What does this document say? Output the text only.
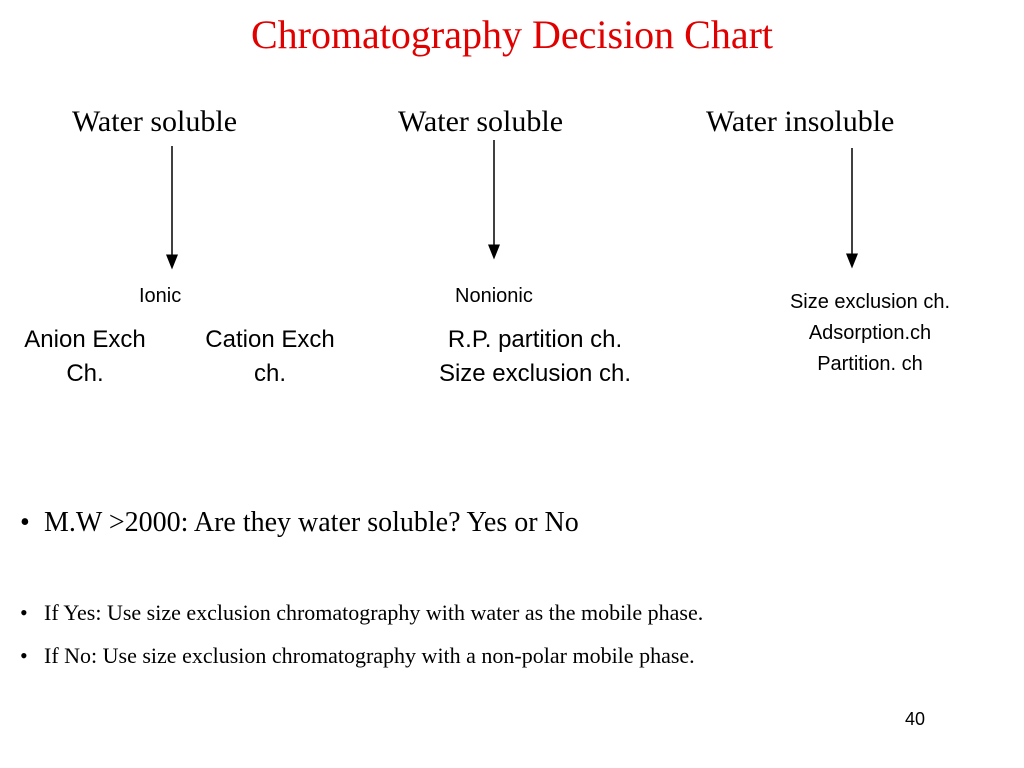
Chromatography Decision Chart
Water soluble	Water soluble	Water insoluble
Ionic	Nonionic
Anion Exch
Ch.
Cation Exch
ch.
R.P. partition ch.
Size exclusion ch.
Size exclusion ch.
Adsorption.ch
Partition. ch
• M.W >2000: Are they water soluble? Yes or No
• If Yes: Use size exclusion chromatography with water as the mobile phase.
• If No: Use size exclusion chromatography with a non-polar mobile phase.
40
